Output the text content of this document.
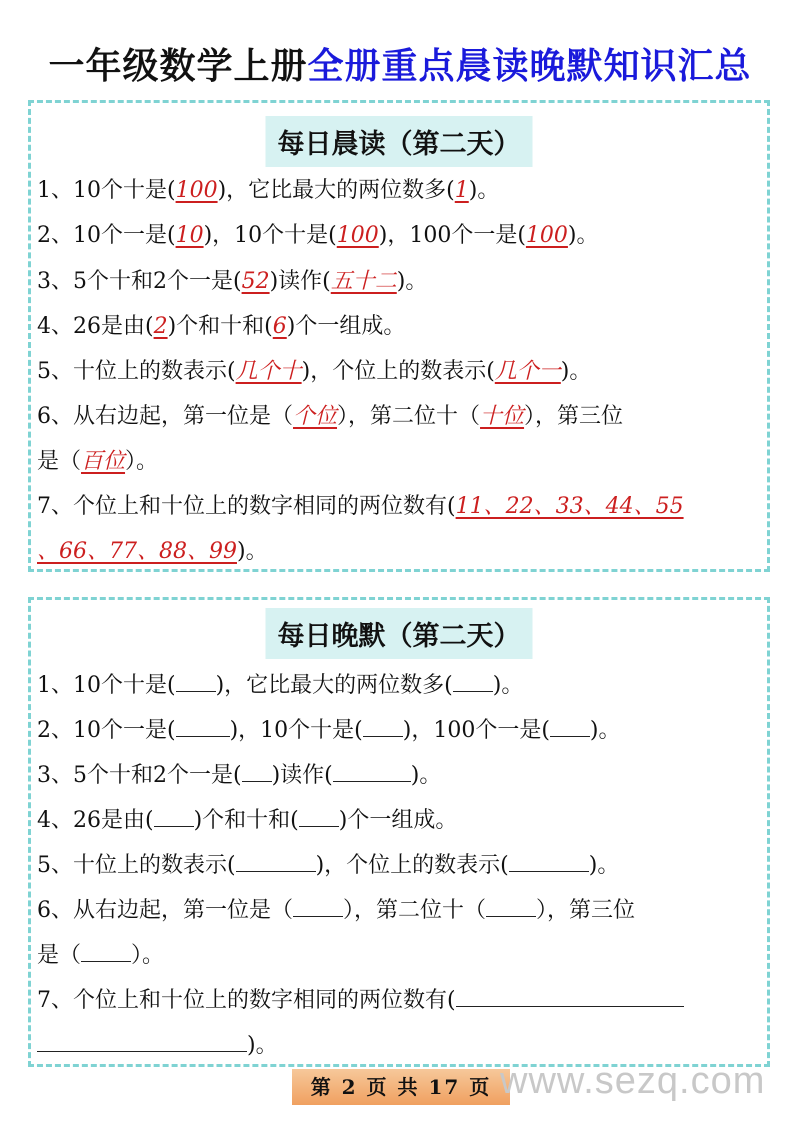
一年级数学上册全册重点晨读晚默知识汇总
每日晨读（第二天）
1、10个十是(100)，它比最大的两位数多(1)。
2、10个一是(10)，10个十是(100)，100个一是(100)。
3、5个十和2个一是(52)读作(五十二)。
4、26是由(2)个和十和(6)个一组成。
5、十位上的数表示(几个十)，个位上的数表示(几个一)。
6、从右边起，第一位是（个位），第二位十（十位），第三位
是（百位）。
7、个位上和十位上的数字相同的两位数有(11、22、33、44、55
、66、77、88、99)。
每日晚默（第二天）
1、10个十是( )，它比最大的两位数多( )。
2、10个一是( )，10个十是( )，100个一是( )。
3、5个十和2个一是( )读作(	)。
4、26是由( )个和十和( )个一组成。
5、十位上的数表示(	)，个位上的数表示(	)。
6、从右边起，第一位是（ ），第二位十（ ），第三位
是（ ）。
7、个位上和十位上的数字相同的两位数有(
)。
第 2 页 共 17 页 www.sezq.com
